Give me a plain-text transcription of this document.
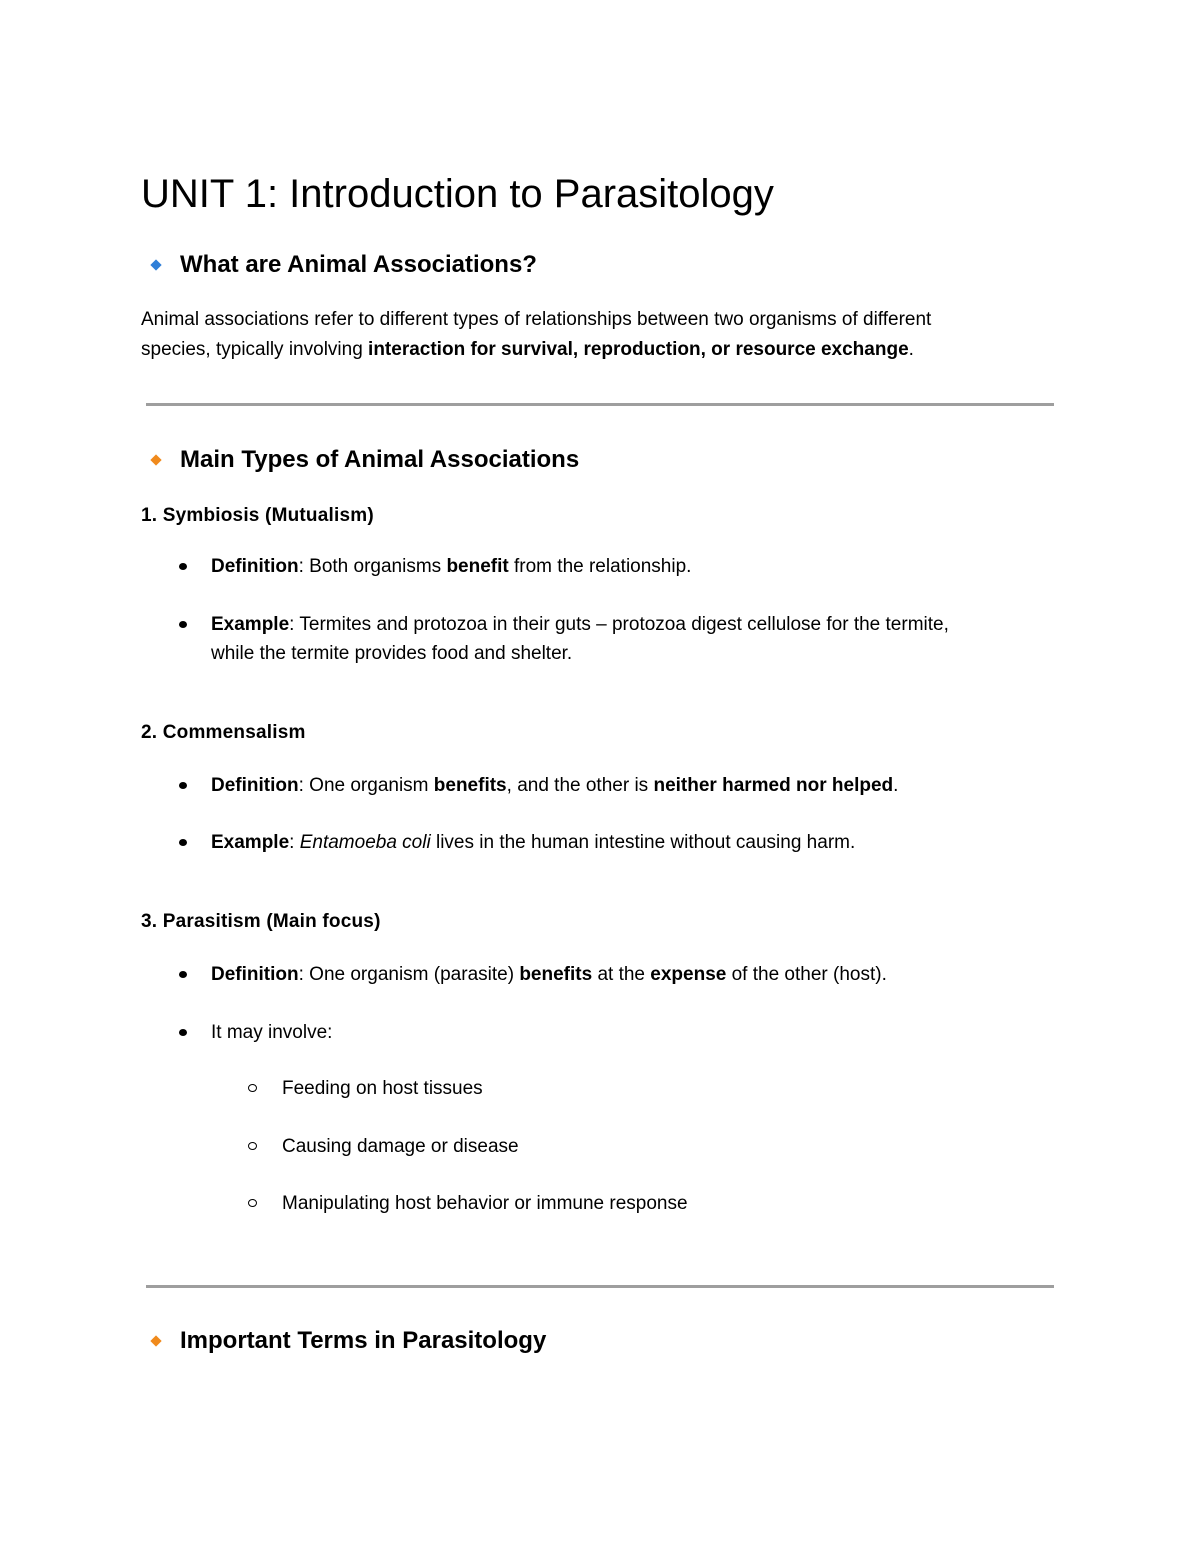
UNIT 1: Introduction to Parasitology
What are Animal Associations?
Animal associations refer to different types of relationships between two organisms of different
species, typically involving interaction for survival, reproduction, or resource exchange.
Main Types of Animal Associations
1. Symbiosis (Mutualism)
Definition: Both organisms benefit from the relationship.
Example: Termites and protozoa in their guts – protozoa digest cellulose for the termite,
while the termite provides food and shelter.
2. Commensalism
Definition: One organism benefits, and the other is neither harmed nor helped.
Example: Entamoeba coli lives in the human intestine without causing harm.
3. Parasitism (Main focus)
Definition: One organism (parasite) benefits at the expense of the other (host).
It may involve:
Feeding on host tissues
Causing damage or disease
Manipulating host behavior or immune response
Important Terms in Parasitology
